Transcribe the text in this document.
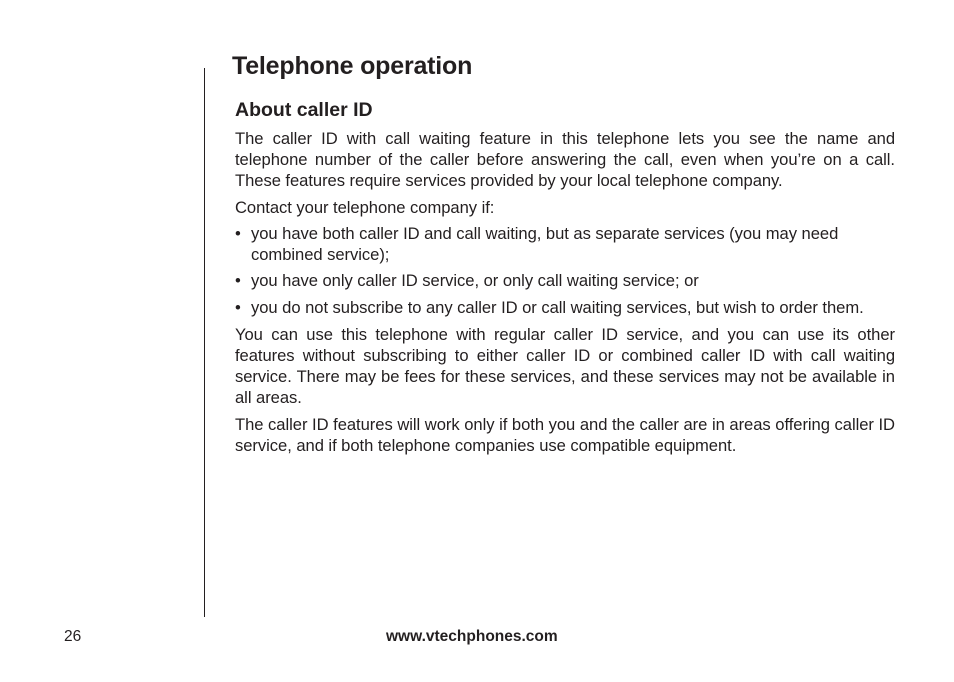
Telephone operation
About caller ID

The caller ID with call waiting feature in this telephone lets you see the name and telephone number of the caller before answering the call, even when you’re on a call. These features require services provided by your local telephone company.

Contact your telephone company if:

• you have both caller ID and call waiting, but as separate services (you may need combined service);
• you have only caller ID service, or only call waiting service; or
• you do not subscribe to any caller ID or call waiting services, but wish to order them.

You can use this telephone with regular caller ID service, and you can use its other features without subscribing to either caller ID or combined caller ID with call waiting service. There may be fees for these services, and these services may not be available in all areas.

The caller ID features will work only if both you and the caller are in areas offering caller ID service, and if both telephone companies use compatible equipment.

26	www.vtechphones.com
